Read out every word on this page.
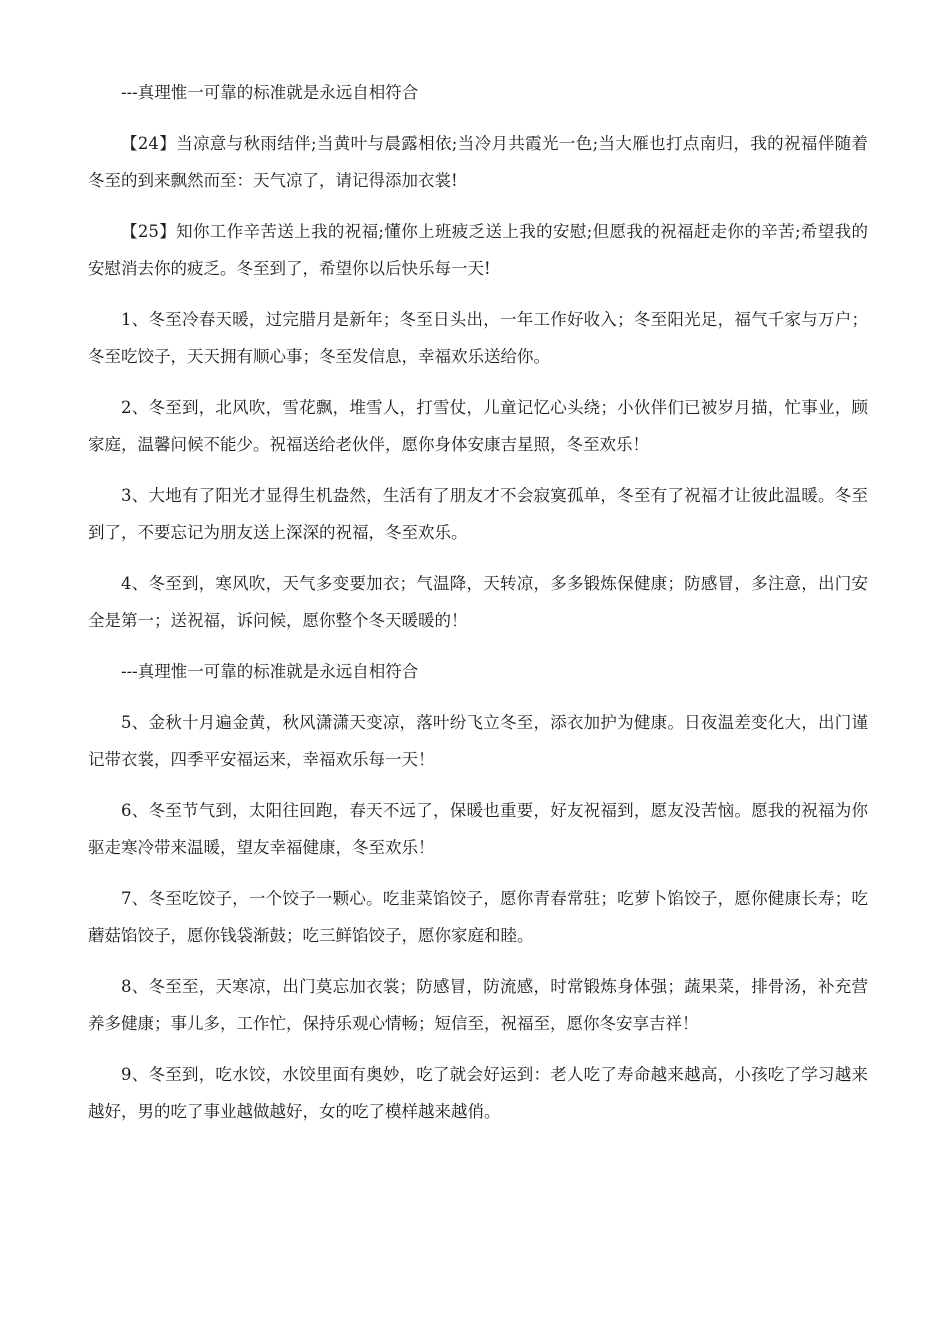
---真理惟一可靠的标准就是永远自相符合

【24】当凉意与秋雨结伴;当黄叶与晨露相依;当冷月共霞光一色;当大雁也打点南归，我的祝福伴随着冬至的到来飘然而至：天气凉了，请记得添加衣裳!

【25】知你工作辛苦送上我的祝福;懂你上班疲乏送上我的安慰;但愿我的祝福赶走你的辛苦;希望我的安慰消去你的疲乏。冬至到了，希望你以后快乐每一天!

1、冬至冷春天暖，过完腊月是新年；冬至日头出，一年工作好收入；冬至阳光足，福气千家与万户；冬至吃饺子，天天拥有顺心事；冬至发信息，幸福欢乐送给你。

2、冬至到，北风吹，雪花飘，堆雪人，打雪仗，儿童记忆心头绕；小伙伴们已被岁月描，忙事业，顾家庭，温馨问候不能少。祝福送给老伙伴，愿你身体安康吉星照，冬至欢乐！

3、大地有了阳光才显得生机盎然，生活有了朋友才不会寂寞孤单，冬至有了祝福才让彼此温暖。冬至到了，不要忘记为朋友送上深深的祝福，冬至欢乐。

4、冬至到，寒风吹，天气多变要加衣；气温降，天转凉，多多锻炼保健康；防感冒，多注意，出门安全是第一；送祝福，诉问候，愿你整个冬天暖暖的！

---真理惟一可靠的标准就是永远自相符合

5、金秋十月遍金黄，秋风潇潇天变凉，落叶纷飞立冬至，添衣加护为健康。日夜温差变化大，出门谨记带衣裳，四季平安福运来，幸福欢乐每一天！

6、冬至节气到，太阳往回跑，春天不远了，保暖也重要，好友祝福到，愿友没苦恼。愿我的祝福为你驱走寒冷带来温暖，望友幸福健康，冬至欢乐！

7、冬至吃饺子，一个饺子一颗心。吃韭菜馅饺子，愿你青春常驻；吃萝卜馅饺子，愿你健康长寿；吃蘑菇馅饺子，愿你钱袋渐鼓；吃三鲜馅饺子，愿你家庭和睦。

8、冬至至，天寒凉，出门莫忘加衣裳；防感冒，防流感，时常锻炼身体强；蔬果菜，排骨汤，补充营养多健康；事儿多，工作忙，保持乐观心情畅；短信至，祝福至，愿你冬安享吉祥！

9、冬至到，吃水饺，水饺里面有奥妙，吃了就会好运到：老人吃了寿命越来越高，小孩吃了学习越来越好，男的吃了事业越做越好，女的吃了模样越来越俏。
